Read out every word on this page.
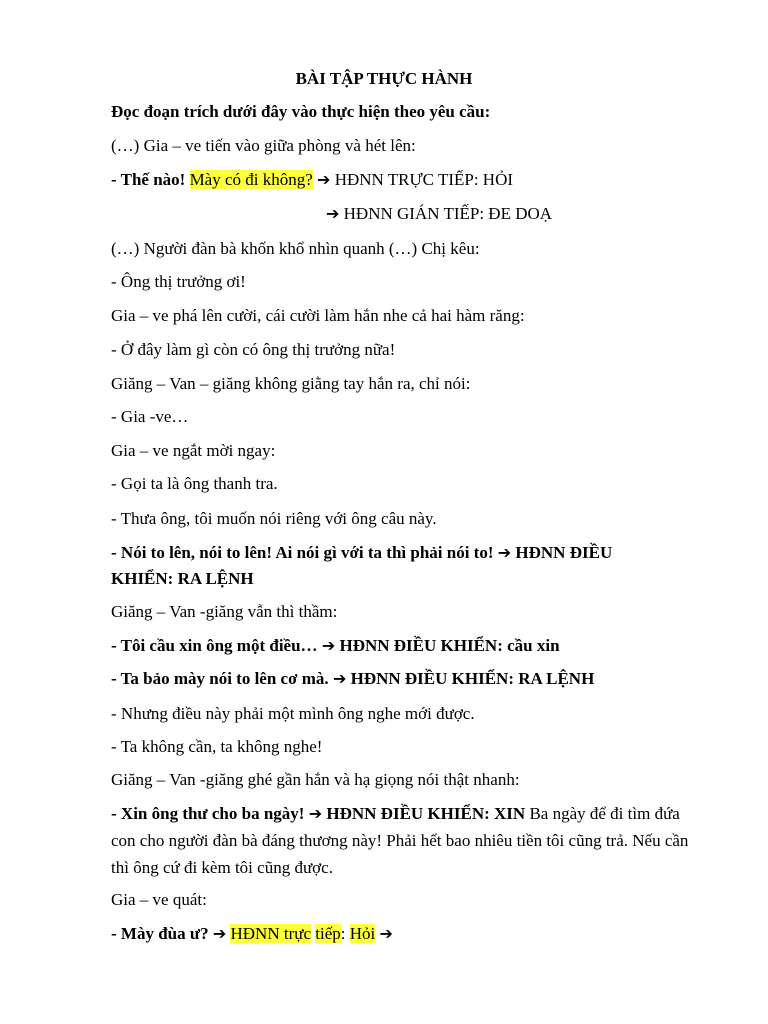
BÀI TẬP THỰC HÀNH
Đọc đoạn trích dưới đây vào thực hiện theo yêu cầu:
(…) Gia – ve tiến vào giữa phòng và hét lên:
- Thế nào! Mày có đi không? ➔ HĐNN TRỰC TIẾP: HỎI
➔ HĐNN GIÁN TIẾP: ĐE DOẠ
(…) Người đàn bà khốn khổ nhìn quanh (…) Chị kêu:
- Ông thị trưởng ơi!
Gia – ve phá lên cười, cái cười làm hắn nhe cả hai hàm răng:
- Ở đây làm gì còn có ông thị trưởng nữa!
Giăng – Van – giăng không giằng tay hắn ra, chỉ nói:
- Gia -ve…
Gia – ve ngắt mời ngay:
- Gọi ta là ông thanh tra.
- Thưa ông, tôi muốn nói riêng với ông câu này.
- Nói to lên, nói to lên! Ai nói gì với ta thì phải nói to! ➔ HĐNN ĐIỀU
KHIỂN: RA LỆNH
Giăng – Van -giăng vẫn thì thầm:
- Tôi cầu xin ông một điều… ➔ HĐNN ĐIỀU KHIỂN: cầu xin
- Ta bảo mày nói to lên cơ mà. ➔ HĐNN ĐIỀU KHIỂN: RA LỆNH
- Nhưng điều này phải một mình ông nghe mới được.
- Ta không cần, ta không nghe!
Giăng – Van -giăng ghé gần hắn và hạ giọng nói thật nhanh:
- Xin ông thư cho ba ngày! ➔ HĐNN ĐIỀU KHIỂN: XIN Ba ngày để đi tìm đứa con cho người đàn bà đáng thương này! Phải hết bao nhiêu tiền tôi cũng trả. Nếu cần thì ông cứ đi kèm tôi cũng được.
Gia – ve quát:
- Mày đùa ư? ➔ HĐNN trực tiếp: Hỏi ➔
